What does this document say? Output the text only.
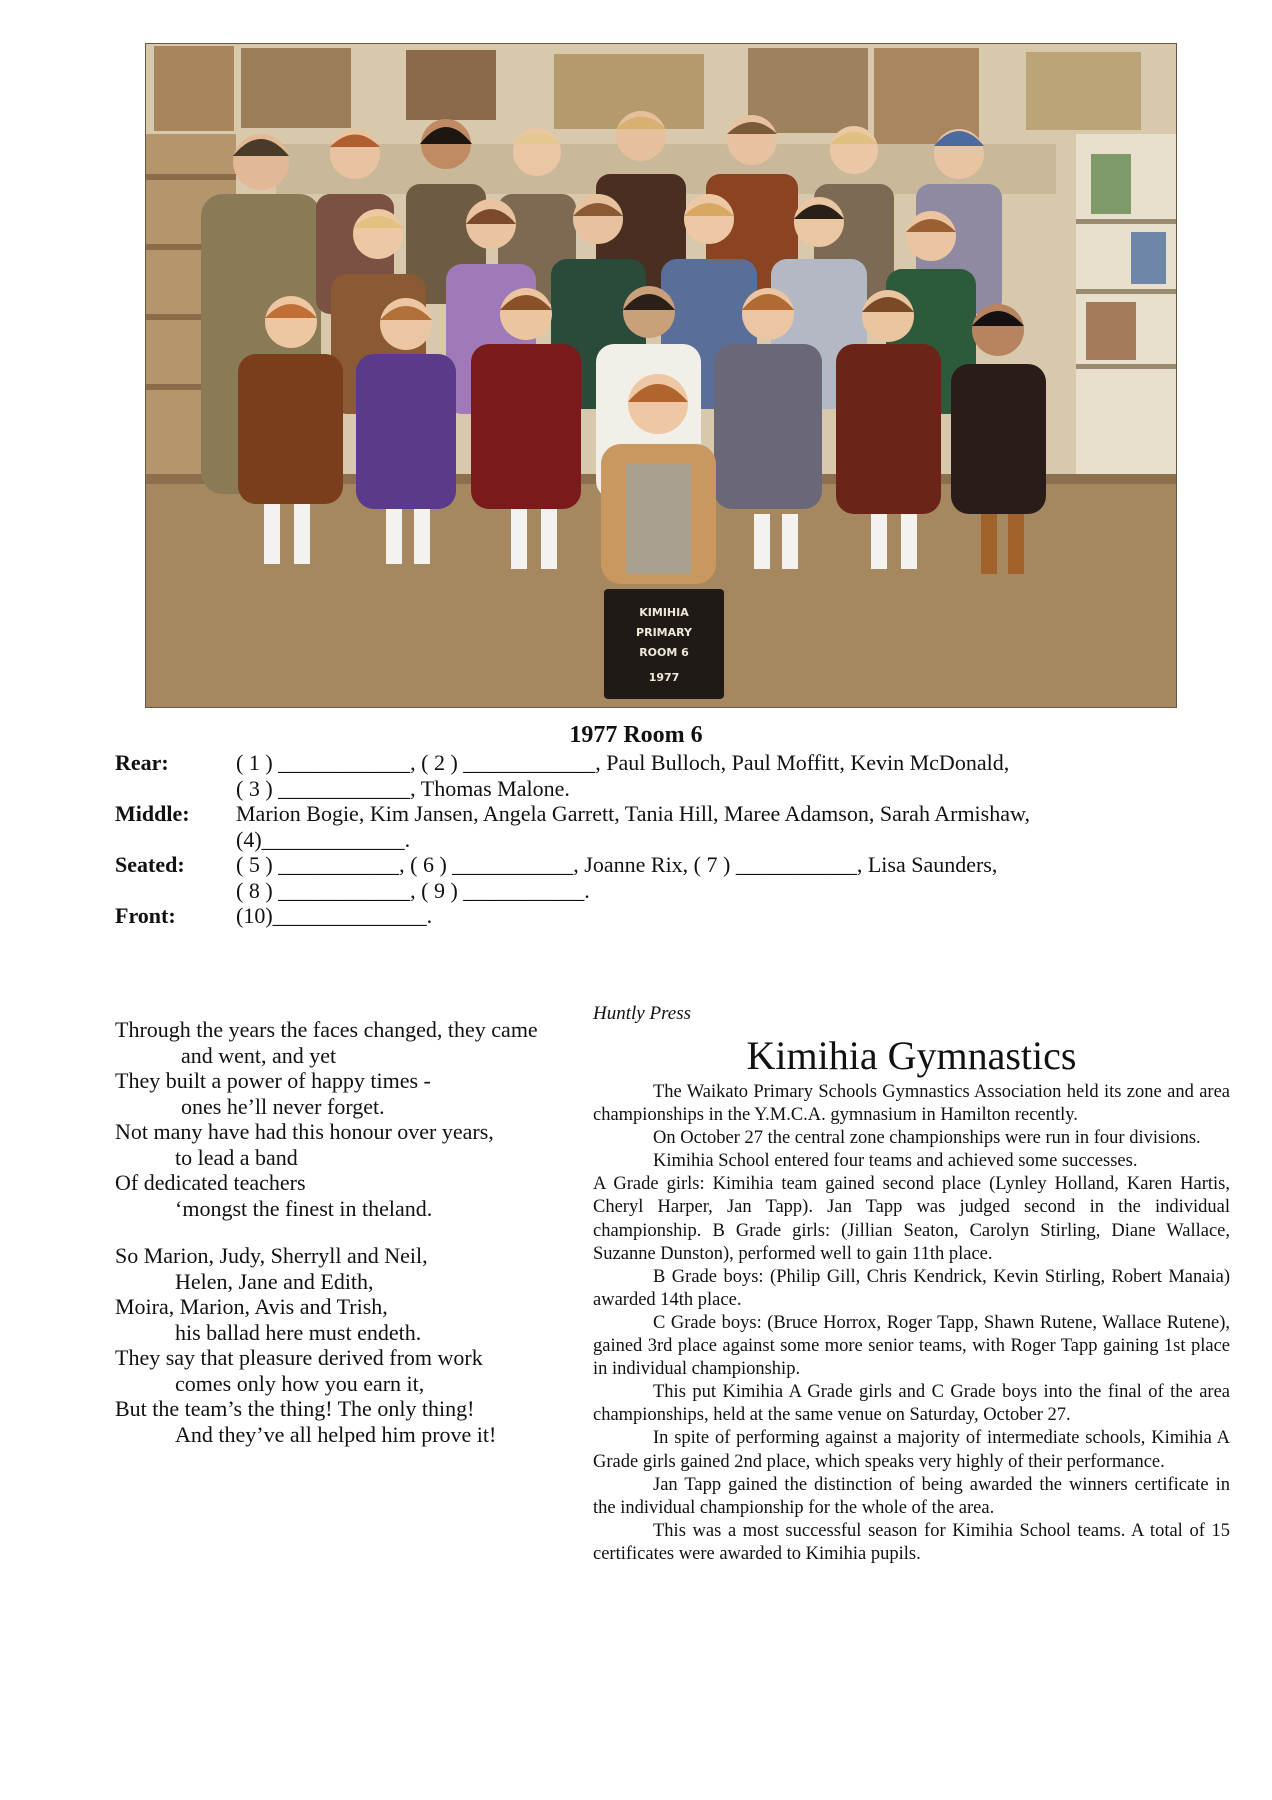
KIMIHIA
PRIMARY
ROOM 6
1977
1977 Room 6
Rear:	( 1 ) ____________, ( 2 ) ____________, Paul Bulloch, Paul Moffitt, Kevin McDonald,
( 3 ) ____________, Thomas Malone.
Middle:	Marion Bogie, Kim Jansen, Angela Garrett, Tania Hill, Maree Adamson, Sarah Armishaw,
(4)_____________.
Seated:	( 5 ) ___________, ( 6 ) ___________, Joanne Rix, ( 7 ) ___________, Lisa Saunders,
( 8 ) ____________, ( 9 ) ___________.
Front:	(10)______________.
Through the years the faces changed, they came
and went, and yet
They built a power of happy times -
ones he’ll never forget.
Not many have had this honour over years,
to lead a band
Of dedicated teachers
‘mongst the finest in theland.
So Marion, Judy, Sherryll and Neil,
Helen, Jane and Edith,
Moira, Marion, Avis and Trish,
his ballad here must endeth.
They say that pleasure derived from work
comes only how you earn it,
But the team’s the thing! The only thing!
And they’ve all helped him prove it!
Huntly Press
Kimihia Gymnastics

The Waikato Primary Schools Gymnastics Association held its zone and area championships in the Y.M.C.A. gymnasium in Hamilton recently.

On October 27 the central zone championships were run in four divisions.

Kimihia School entered four teams and achieved some successes.

A Grade girls: Kimihia team gained second place (Lynley Holland, Karen Hartis, Cheryl Harper, Jan Tapp). Jan Tapp was judged second in the individual championship. B Grade girls: (Jillian Seaton, Carolyn Stirling, Diane Wallace, Suzanne Dunston), performed well to gain 11th place.

B Grade boys: (Philip Gill, Chris Kendrick, Kevin Stirling, Robert Manaia) awarded 14th place.

C Grade boys: (Bruce Horrox, Roger Tapp, Shawn Rutene, Wallace Rutene), gained 3rd place against some more senior teams, with Roger Tapp gaining 1st place in individual championship.

This put Kimihia A Grade girls and C Grade boys into the final of the area championships, held at the same venue on Saturday, October 27.

In spite of performing against a majority of intermediate schools, Kimihia A Grade girls gained 2nd place, which speaks very highly of their performance.

Jan Tapp gained the distinction of being awarded the winners certificate in the individual championship for the whole of the area.

This was a most successful season for Kimihia School teams. A total of 15 certificates were awarded to Kimihia pupils.
